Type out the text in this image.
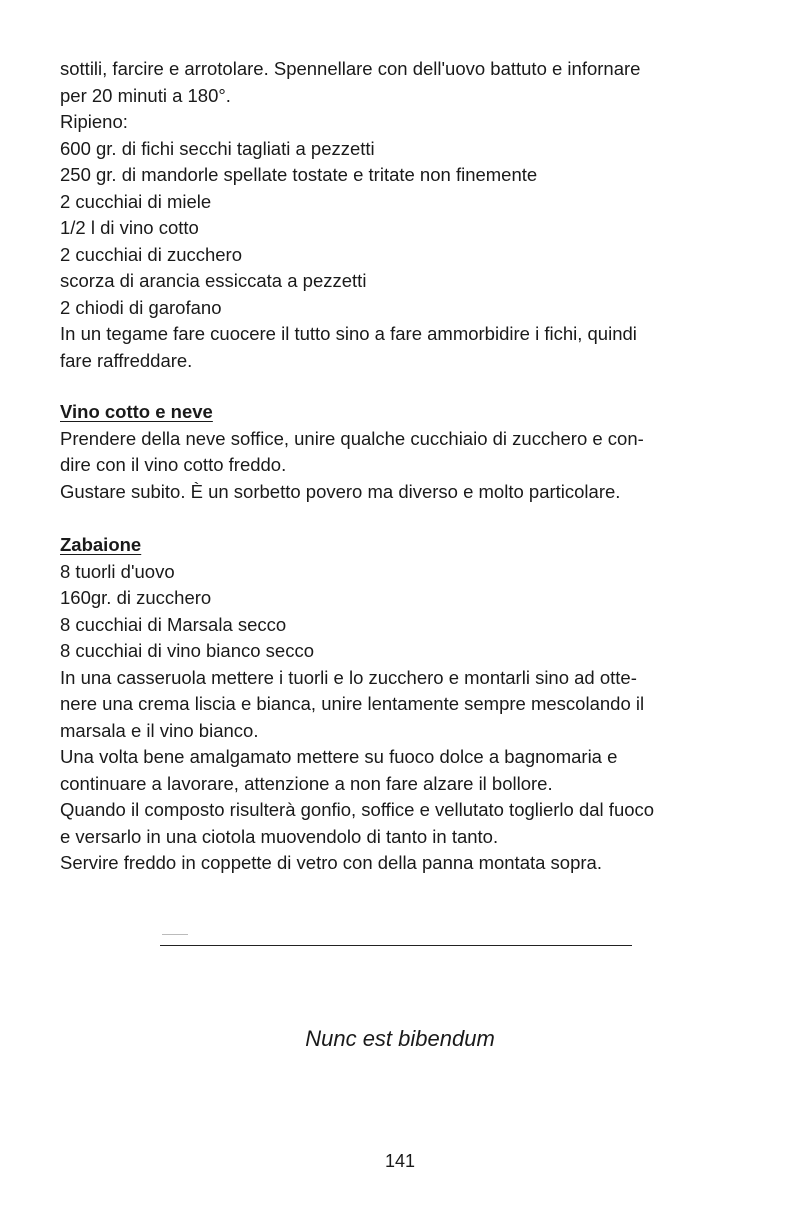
sottili, farcire e arrotolare. Spennellare con dell'uovo battuto e infornare
per 20 minuti a 180°.
Ripieno:
600 gr. di fichi secchi tagliati a pezzetti
250 gr. di mandorle spellate tostate e tritate non finemente
2 cucchiai di miele
1/2 l di vino cotto
2 cucchiai di zucchero
scorza di arancia essiccata a pezzetti
2 chiodi di garofano
In un tegame fare cuocere il tutto sino a fare ammorbidire i fichi, quindi
fare raffreddare.
Vino cotto e neve
Prendere della neve soffice, unire qualche cucchiaio di zucchero e con-
dire con il vino cotto freddo.
Gustare subito. È un sorbetto povero ma diverso e molto particolare.
Zabaione
8 tuorli d'uovo
160gr. di zucchero
8 cucchiai di Marsala secco
8 cucchiai di vino bianco secco
In una casseruola mettere i tuorli e lo zucchero e montarli sino ad otte-
nere una crema liscia e bianca, unire lentamente sempre mescolando il
marsala e il vino bianco.
Una volta bene amalgamato mettere su fuoco dolce a bagnomaria e
continuare a lavorare, attenzione a non fare alzare il bollore.
Quando il composto risulterà gonfio, soffice e vellutato toglierlo dal fuoco
e versarlo in una ciotola muovendolo di tanto in tanto.
Servire freddo in coppette di vetro con della panna montata sopra.
Nunc est bibendum
141
